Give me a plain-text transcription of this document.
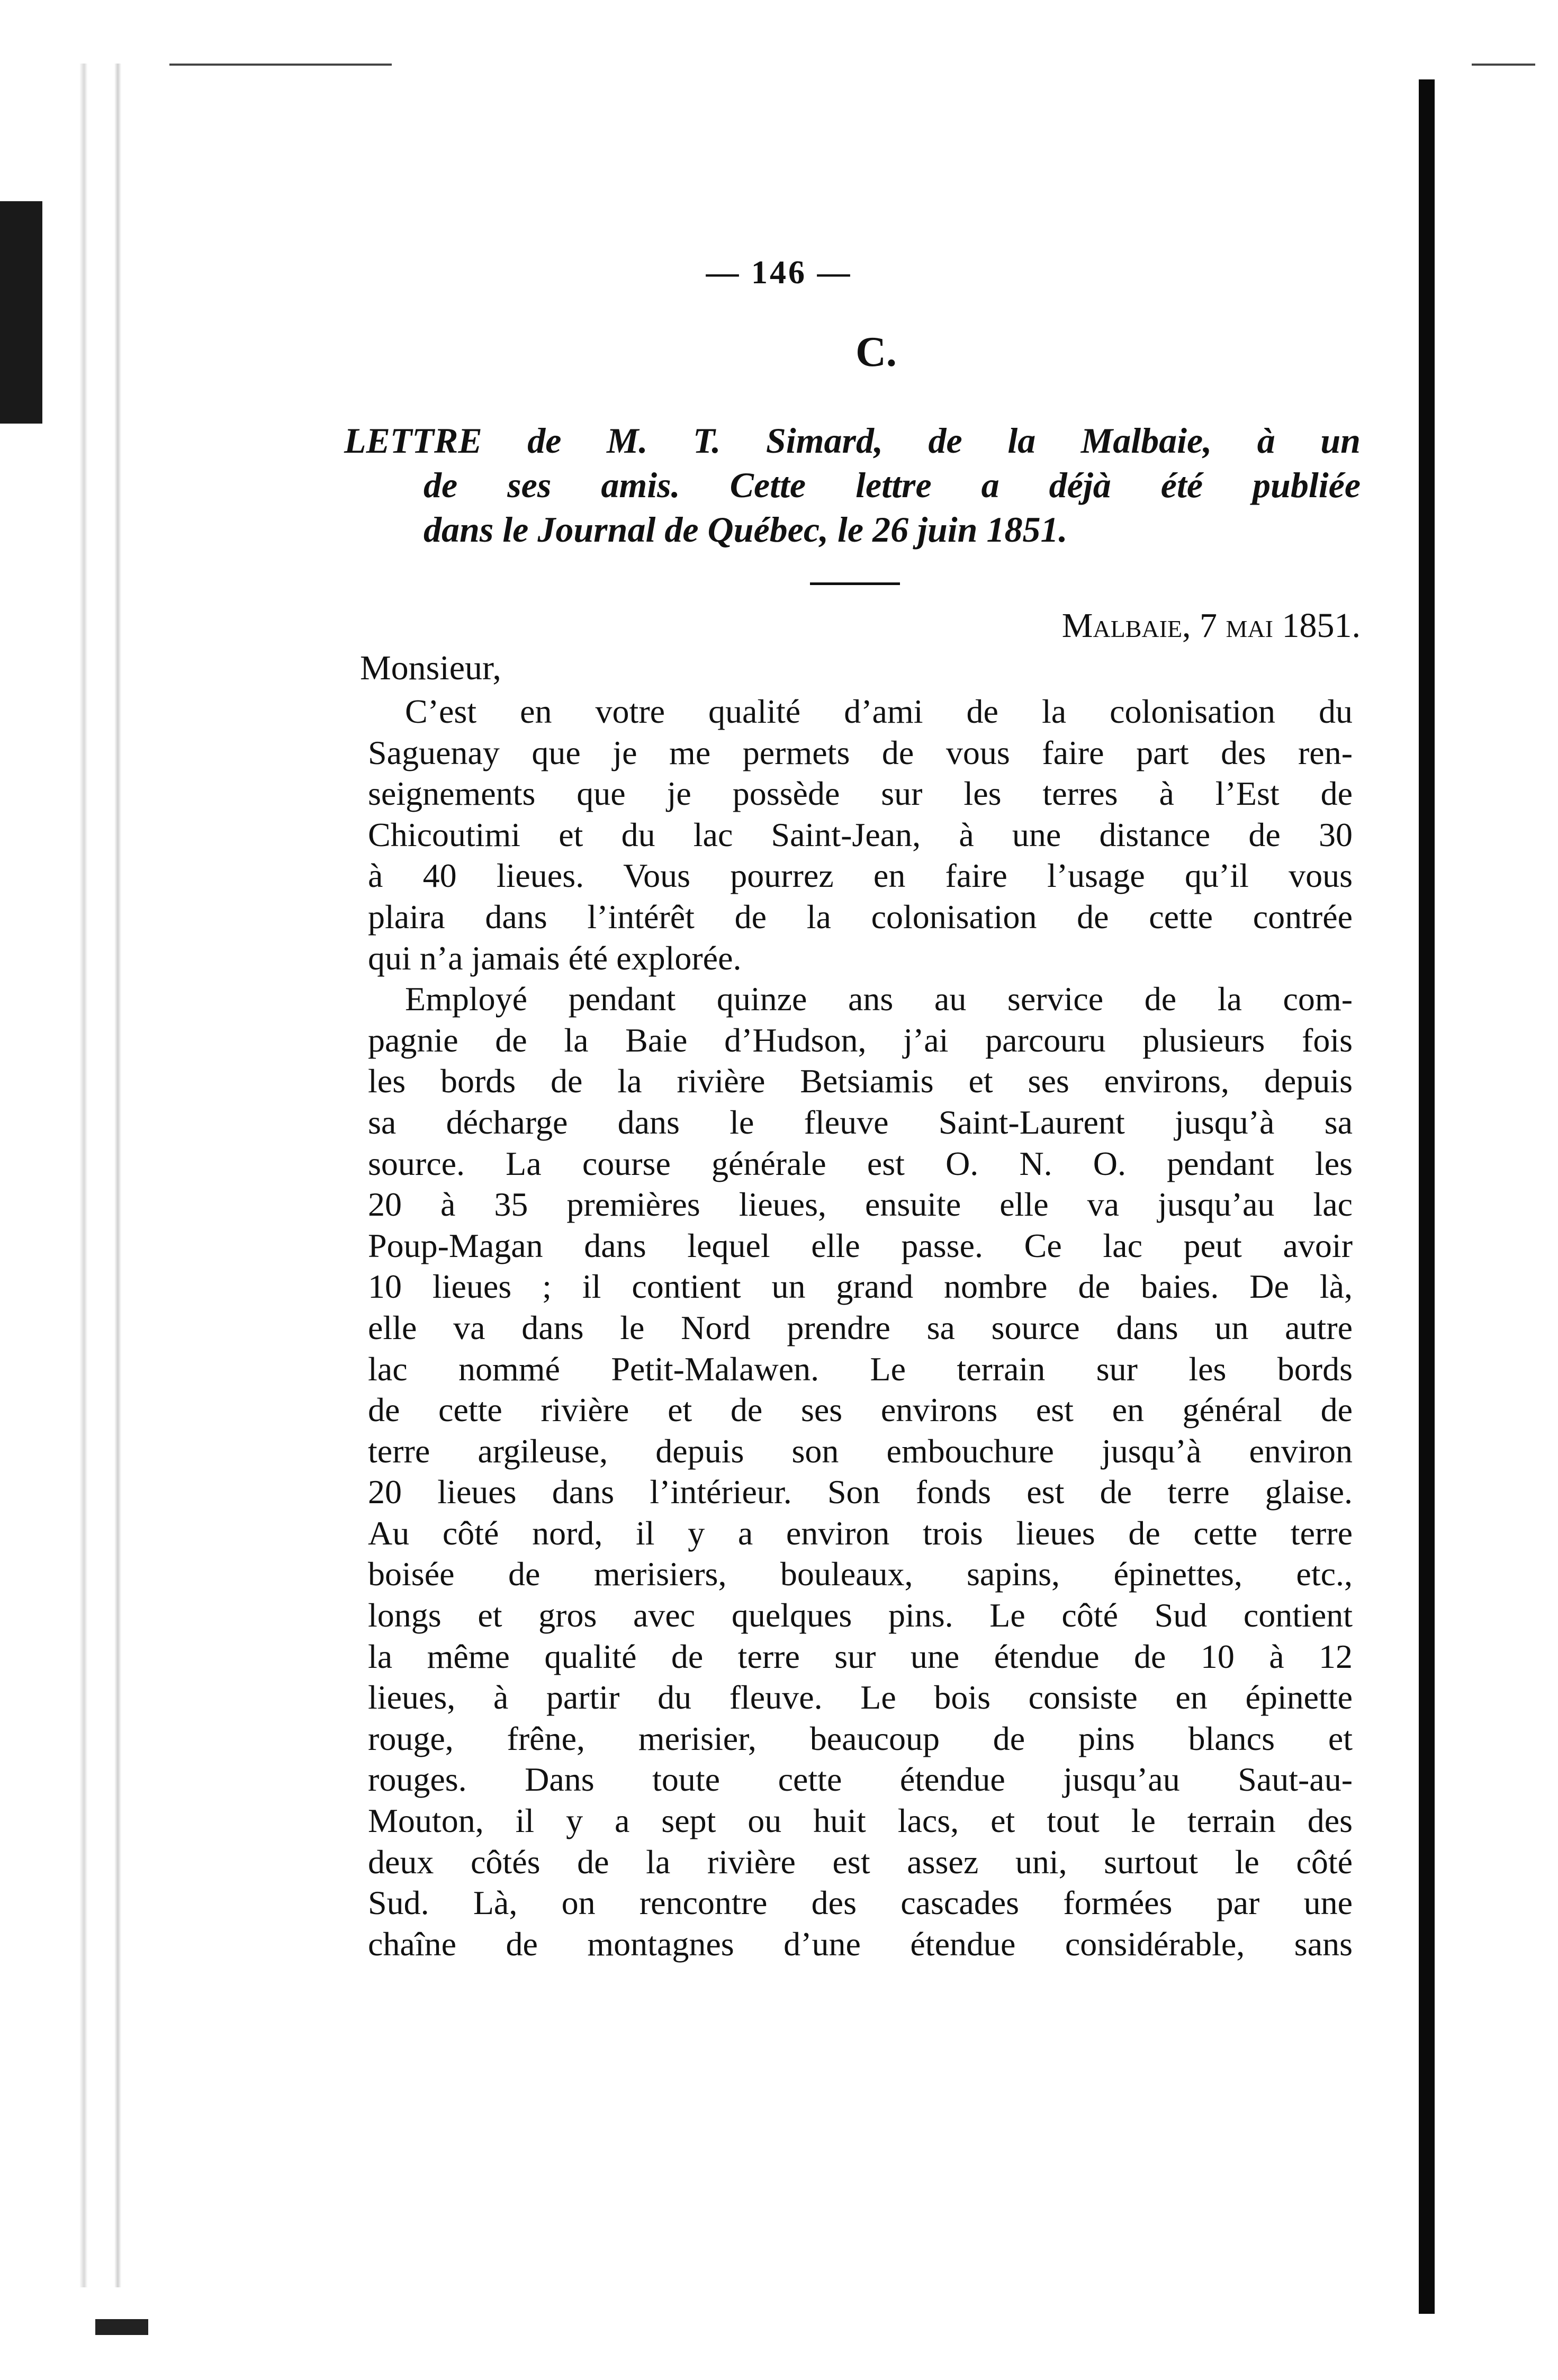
— 146 —
C.
LETTRE de M. T. Simard, de la Malbaie, à un
de ses amis. Cette lettre a déjà été publiée
dans le Journal de Québec, le 26 juin 1851.
Malbaie, 7 mai 1851.
Monsieur,
C’est en votre qualité d’ami de la colonisation du
Saguenay que je me permets de vous faire part des ren-
seignements que je possède sur les terres à l’Est de
Chicoutimi et du lac Saint-Jean, à une distance de 30
à 40 lieues. Vous pourrez en faire l’usage qu’il vous
plaira dans l’intérêt de la colonisation de cette contrée
qui n’a jamais été explorée.
Employé pendant quinze ans au service de la com-
pagnie de la Baie d’Hudson, j’ai parcouru plusieurs fois
les bords de la rivière Betsiamis et ses environs, depuis
sa décharge dans le fleuve Saint-Laurent jusqu’à sa
source. La course générale est O. N. O. pendant les
20 à 35 premières lieues, ensuite elle va jusqu’au lac
Poup-Magan dans lequel elle passe. Ce lac peut avoir
10 lieues ; il contient un grand nombre de baies. De là,
elle va dans le Nord prendre sa source dans un autre
lac nommé Petit-Malawen. Le terrain sur les bords
de cette rivière et de ses environs est en général de
terre argileuse, depuis son embouchure jusqu’à environ
20 lieues dans l’intérieur. Son fonds est de terre glaise.
Au côté nord, il y a environ trois lieues de cette terre
boisée de merisiers, bouleaux, sapins, épinettes, etc.,
longs et gros avec quelques pins. Le côté Sud contient
la même qualité de terre sur une étendue de 10 à 12
lieues, à partir du fleuve. Le bois consiste en épinette
rouge, frêne, merisier, beaucoup de pins blancs et
rouges. Dans toute cette étendue jusqu’au Saut-au-
Mouton, il y a sept ou huit lacs, et tout le terrain des
deux côtés de la rivière est assez uni, surtout le côté
Sud. Là, on rencontre des cascades formées par une
chaîne de montagnes d’une étendue considérable, sans
